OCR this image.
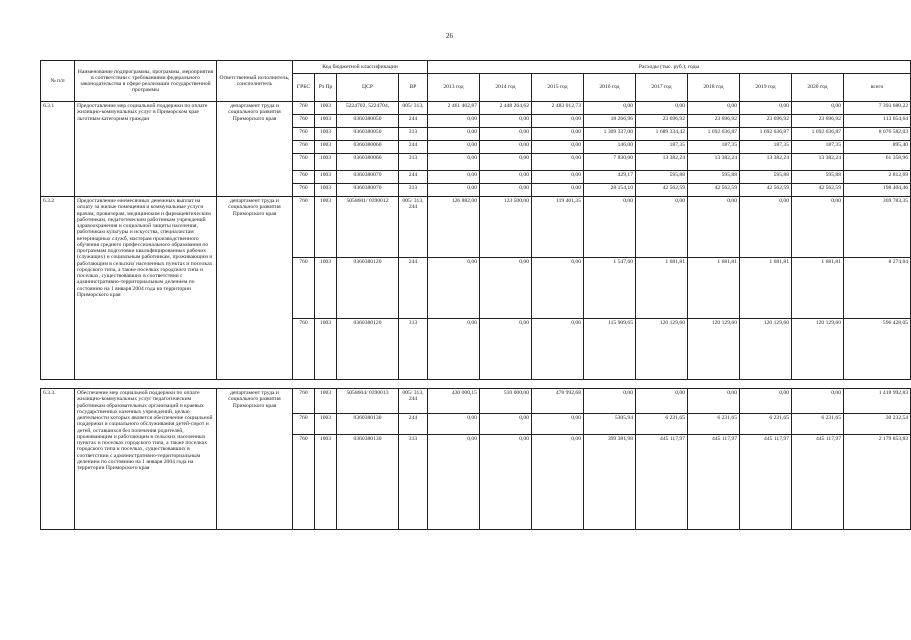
26
№ п/п	Наименование подпрограммы, программы, мероприятия в соответствии с требованиями федерального законодательства в сфере реализации государственной программы	Ответственный исполнитель, соисполнитель	Код бюджетной классификации				Расходы (тыс. руб.), годы								
			ГРБС	Рз Пр	ЦСР	ВР	2013 год	2014 год	2015 год	2016 год	2017 год	2018 год	2019 год	2020 год	всего
6.3.1	Предоставление мер социальной поддержки по оплате жилищно-коммунальных услуг в Приморском крае льготным категориям граждан	департамент труда и социального развития Приморского края	760	1003	5224702, 5224704,	005/ 313,	2 461 402,87	2 448 264,62	2 483 012,73	0,00	0,00	0,00	0,00	0,00	7 393 680,22
			760	1003	0360380050	244	0,00	0,00	0,00	18 266,96	23 696,92	23 696,92	23 696,92	23 696,92	113 054,64
			760	1003	0360380050	313	0,00	0,00	0,00	1 309 337,00	1 689 334,42	1 692 636,87	1 692 636,87	1 692 636,87	8 076 582,03
			760	1003	0360380060	244	0,00	0,00	0,00	146,00	187,35	187,35	187,35	187,35	895,40
			760	1003	0360380060	313	0,00	0,00	0,00	7 830,00	13 382,24	13 382,24	13 382,24	13 382,24	61 358,96
			760	1003	0360380070	244	0,00	0,00	0,00	429,17	595,88	595,88	595,88	595,88	2 812,69
			760	1003	0360380070	313	0,00	0,00	0,00	28 154,10	42 562,59	42 562,59	42 562,59	42 562,59	198 404,46
6.3.2	Предоставление ежемесячных денежных выплат на оплату за жилые помещения и коммунальные услуги врачам, провизорам, медицинским и фармацевтическим работникам, педагогическим работникам учреждений здравоохранения и социальной защиты населения, работникам культуры и искусства, специалистам ветеринарных служб, мастерам производственного обучения среднего профессионального образования по программам подготовки квалифицированных рабочих (служащих) и социальным работникам, проживающим и работающим в сельских населенных пунктах и поселках городского типа, а также поселках городского типа и поселках, существовавших в соответствии с административно-территориальным делением по состоянию на 1 января 2004 года на территории Приморского края	департамент труда и социального развития Приморского края	760	1003	5058601/ 0390012	005/ 313, 244	126 882,00	123 500,00	119 401,35	0,00	0,00	0,00	0,00	0,00	369 783,35
			760	1003	0360380120	244	0,00	0,00	0,00	1 547,60	1 681,81	1 681,81	1 681,81	1 681,81	8 274,84
			760	1003	0360380120	313	0,00	0,00	0,00	115 909,65	120 129,60	120 129,60	120 129,60	120 129,60	596 428,05

6.3.3.	Обеспечение мер социальной поддержки по оплате жилищно-коммунальных услуг педагогическим работникам образовательных организаций и краевых государственных казенных учреждений, целью деятельности которых является обеспечение социальной поддержки и социального обслуживания детей-сирот и детей, оставшихся без попечения родителей, проживающим и работающим в сельских населенных пунктах и поселках городского типа, а также поселках городского типа и поселках, существовавших в соответствии с административно-территориальным делением по состоянию на 1 января 2004 года на территории Приморского края	департамент труда и социального развития Приморского края	760	1003	5058604/ 0390013	005/ 313, 244	430 000,15	510 000,00	478 992,68	0,00	0,00	0,00	0,00	0,00	1 418 992,83
			760	1003	0360380130	244	0,00	0,00	0,00	5305,94	6 231,65	6 231,65	6 231,65	6 231,65	30 232,54
			760	1003	0360380130	313	0,00	0,00	0,00	399 381,98	445 117,97	445 117,97	445 117,97	445 117,97	2 179 853,83
